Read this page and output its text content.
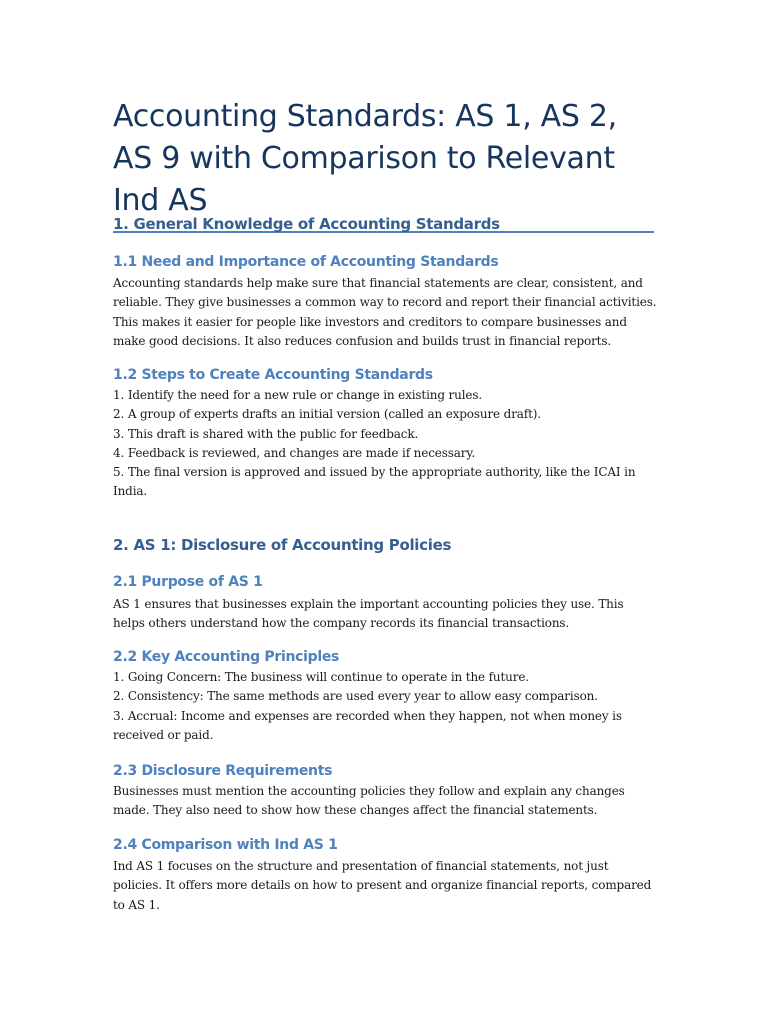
Accounting Standards: AS 1, AS 2, AS 9 with Comparison to Relevant Ind AS
1. General Knowledge of Accounting Standards
1.1 Need and Importance of Accounting Standards

Accounting standards help make sure that financial statements are clear, consistent, and reliable. They give businesses a common way to record and report their financial activities. This makes it easier for people like investors and creditors to compare businesses and make good decisions. It also reduces confusion and builds trust in financial reports.

1.2 Steps to Create Accounting Standards
1. Identify the need for a new rule or change in existing rules.
2. A group of experts drafts an initial version (called an exposure draft).
3. This draft is shared with the public for feedback.
4. Feedback is reviewed, and changes are made if necessary.
5. The final version is approved and issued by the appropriate authority, like the ICAI in India.
2. AS 1: Disclosure of Accounting Policies
2.1 Purpose of AS 1

AS 1 ensures that businesses explain the important accounting policies they use. This helps others understand how the company records its financial transactions.

2.2 Key Accounting Principles
1. Going Concern: The business will continue to operate in the future.
2. Consistency: The same methods are used every year to allow easy comparison.
3. Accrual: Income and expenses are recorded when they happen, not when money is received or paid.
2.3 Disclosure Requirements

Businesses must mention the accounting policies they follow and explain any changes made. They also need to show how these changes affect the financial statements.

2.4 Comparison with Ind AS 1

Ind AS 1 focuses on the structure and presentation of financial statements, not just policies. It offers more details on how to present and organize financial reports, compared to AS 1.
